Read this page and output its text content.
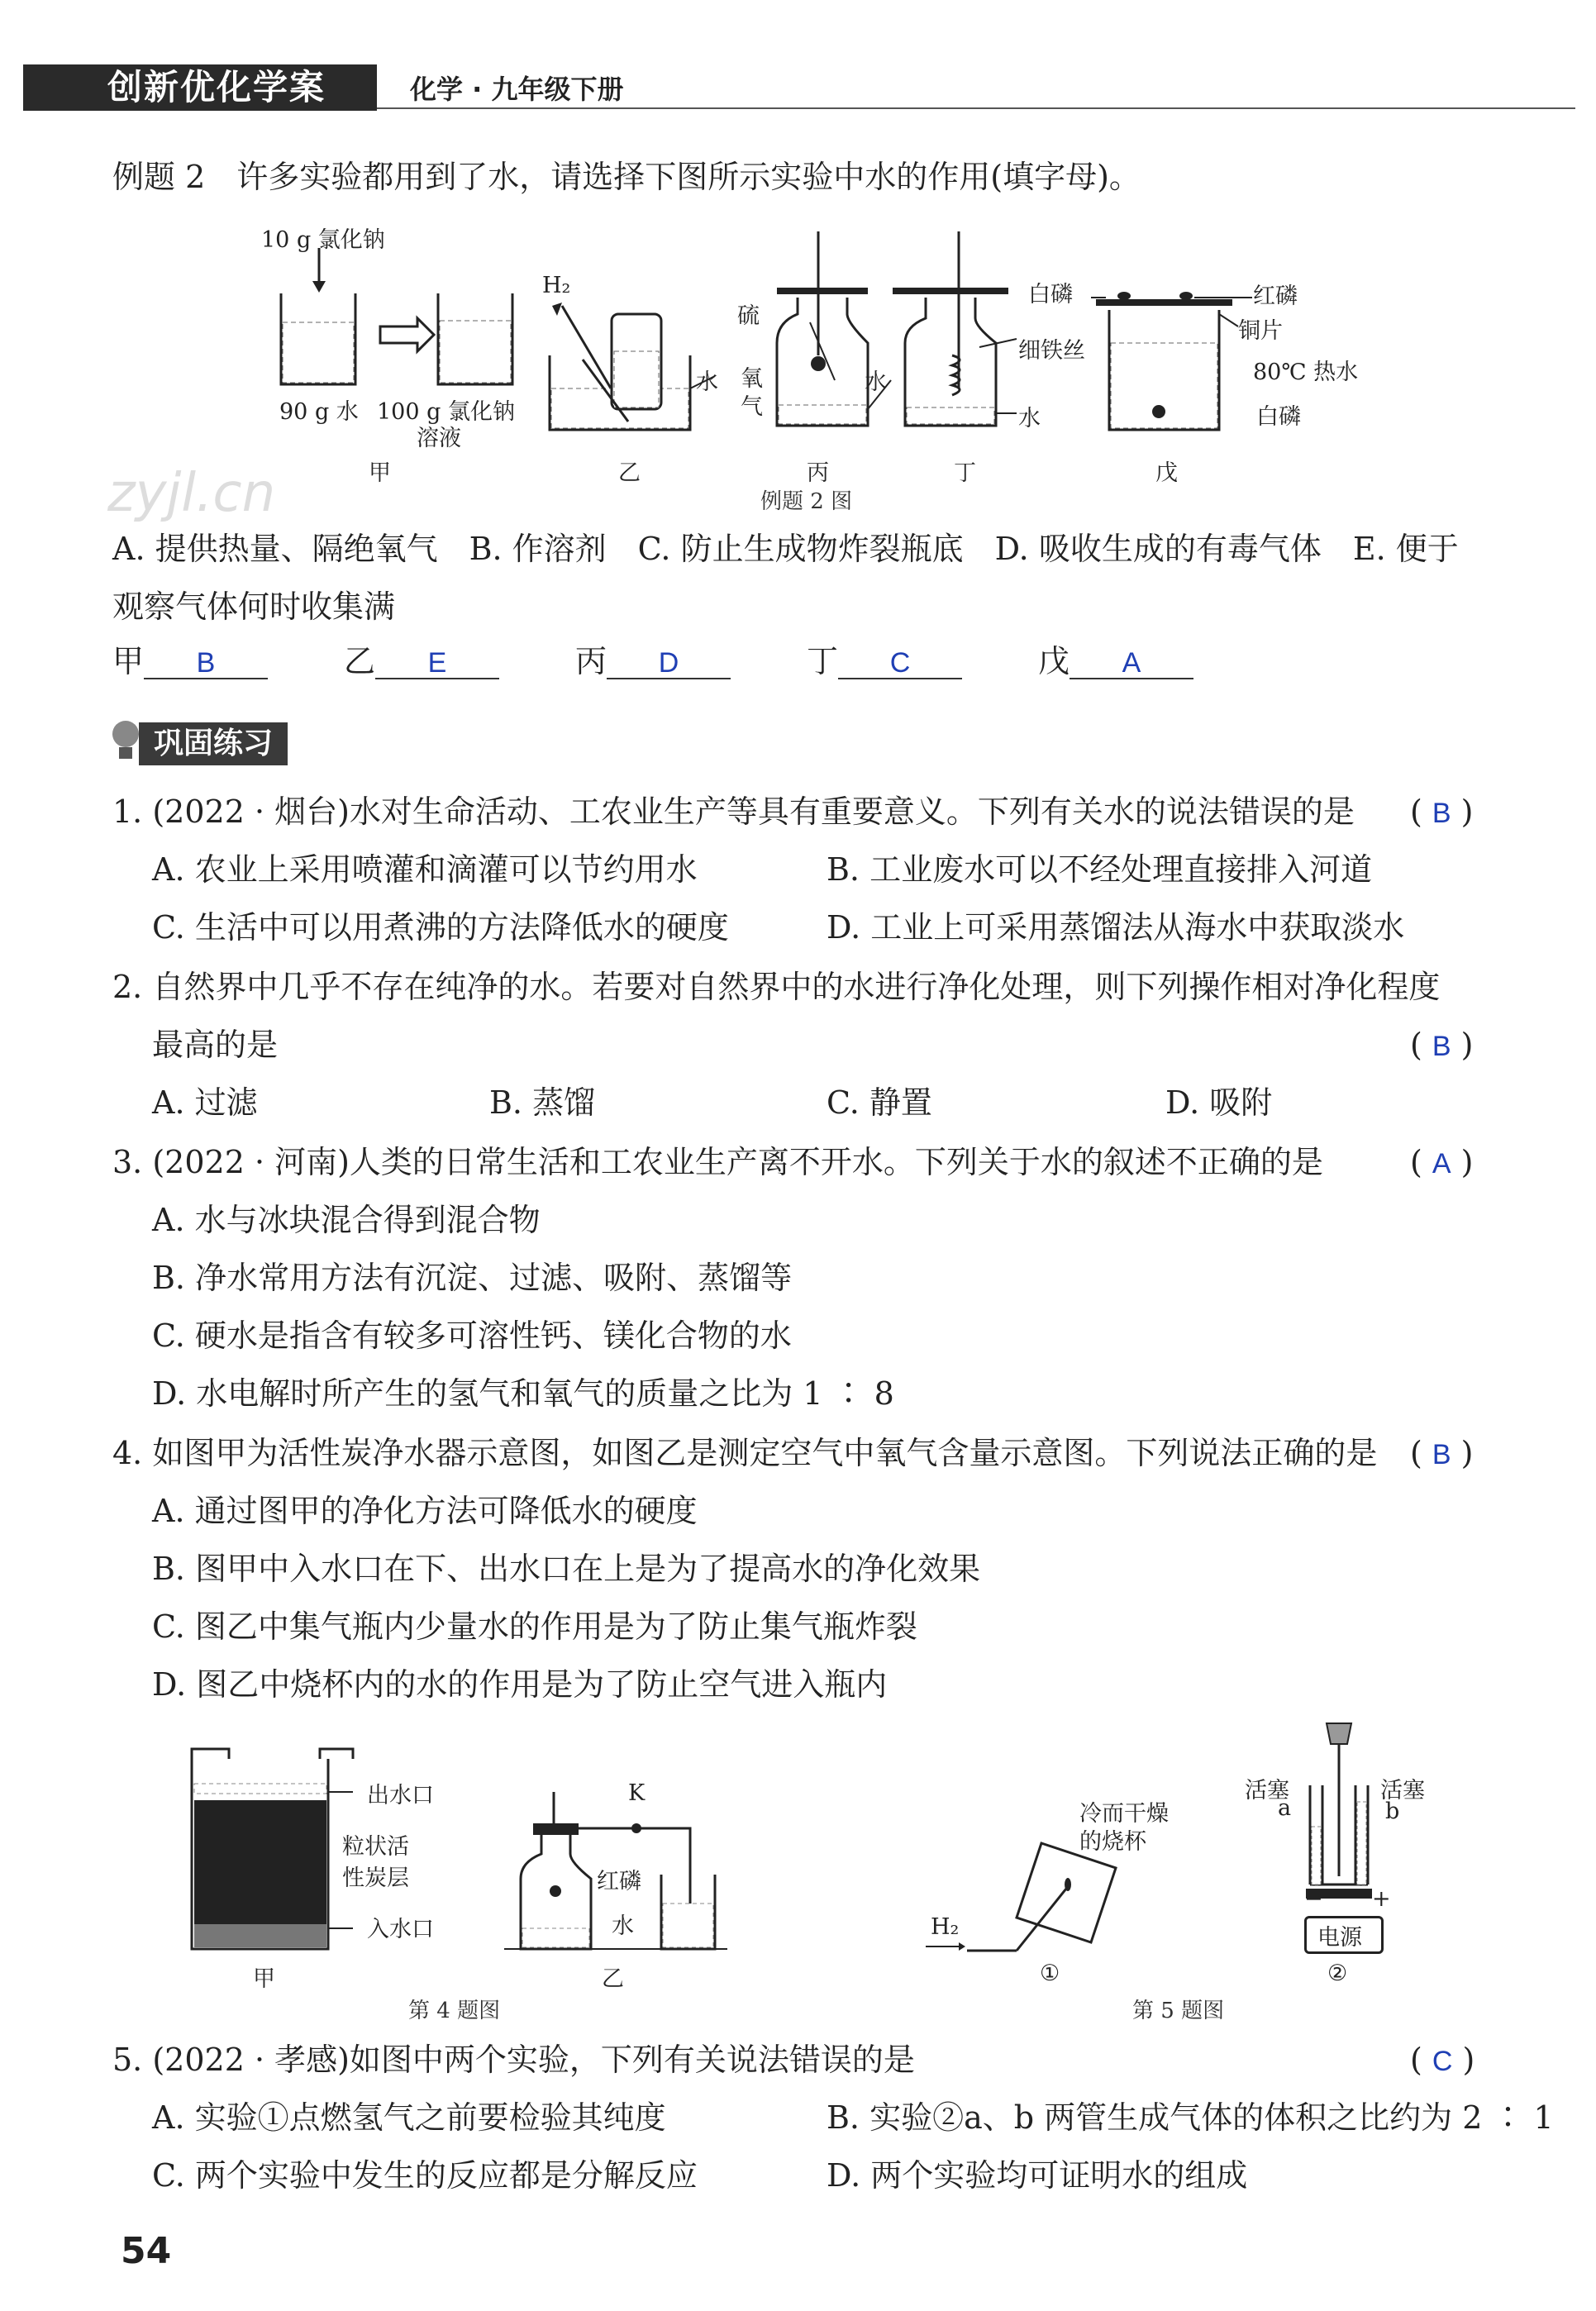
创新优化学案	化学 · 九年级下册
例题 2　许多实验都用到了水，请选择下图所示实验中水的作用(填字母)。
10 g 氯化钠
90 g 水 100 g 氯化钠
溶液
甲
H₂
水
乙
硫
氧
气
水
丙
细铁丝
水
丁
白磷	红磷
铜片
80℃ 热水
白磷
戊
例题 2 图
zyjl.cn
A. 提供热量、隔绝氧气　B. 作溶剂　C. 防止生成物炸裂瓶底　D. 吸收生成的有毒气体　E. 便于
观察气体何时收集满
甲 B	乙 E	丙 D	丁 C	戊 A
巩固练习
1. (2022 · 烟台)水对生命活动、工农业生产等具有重要意义。下列有关水的说法错误的是 ( B )
A. 农业上采用喷灌和滴灌可以节约用水	B. 工业废水可以不经处理直接排入河道
C. 生活中可以用煮沸的方法降低水的硬度	D. 工业上可采用蒸馏法从海水中获取淡水
2. 自然界中几乎不存在纯净的水。若要对自然界中的水进行净化处理，则下列操作相对净化程度
最高的是	( B )
A. 过滤	B. 蒸馏	C. 静置	D. 吸附
3. (2022 · 河南)人类的日常生活和工农业生产离不开水。下列关于水的叙述不正确的是	( A )
A. 水与冰块混合得到混合物
B. 净水常用方法有沉淀、过滤、吸附、蒸馏等
C. 硬水是指含有较多可溶性钙、镁化合物的水
D. 水电解时所产生的氢气和氧气的质量之比为 1 ∶ 8
4. 如图甲为活性炭净水器示意图，如图乙是测定空气中氧气含量示意图。下列说法正确的是 ( B )
A. 通过图甲的净化方法可降低水的硬度
B. 图甲中入水口在下、出水口在上是为了提高水的净化效果
C. 图乙中集气瓶内少量水的作用是为了防止集气瓶炸裂
D. 图乙中烧杯内的水的作用是为了防止空气进入瓶内
出水口
粒状活
性炭层
入水口
甲
K
红磷
水
乙
第 4 题图
冷而干燥
的烧杯
H₂
①
活塞	活塞
a	b
− +
电源
②
第 5 题图
5. (2022 · 孝感)如图中两个实验，下列有关说法错误的是	( C )
A. 实验①点燃氢气之前要检验其纯度	B. 实验②a、b 两管生成气体的体积之比约为 2 ∶ 1
C. 两个实验中发生的反应都是分解反应	D. 两个实验均可证明水的组成
54
